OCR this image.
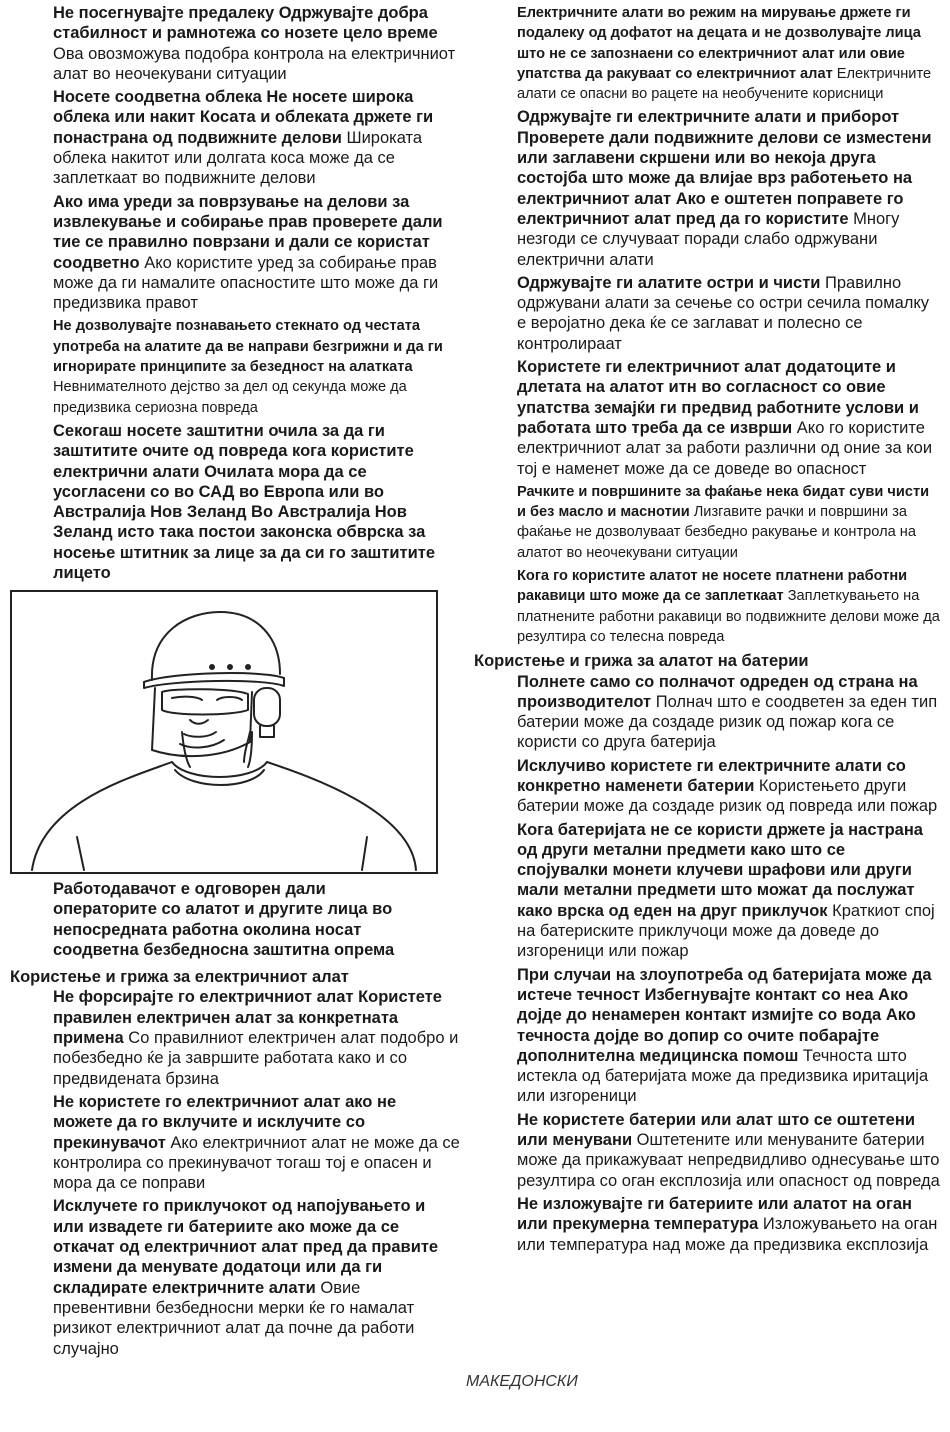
Не посегнувајте предалеку Одржувајте добра стабилност и рамнотежа со нозете цело време Ова овозможува подобра контрола на електричниот алат во неочекувани ситуации

Носете соодветна облека Не носете широка облека или накит Косата и облеката држете ги понастрана од подвижните делови Широката облека накитот или долгата коса може да се заплеткаат во подвижните делови

Ако има уреди за поврзување на делови за извлекување и собирање прав проверете дали тие се правилно поврзани и дали се користат соодветно Ако користите уред за собирање прав може да ги намалите опасностите што може да ги предизвика правот

Не дозволувајте познавањето стекнато од честата употреба на алатите да ве направи безгрижни и да ги игнорирате принципите за безедност на алатката Невнимателното дејство за дел од секунда може да предизвика сериозна повреда

Секогаш носете заштитни очила за да ги заштитите очите од повреда кога користите електрични алати Очилата мора да се усогласени со во САД во Европа или во Австралија Нов Зеланд Во Австралија Нов Зеланд исто така постои законска обврска за носење штитник за лице за да си го заштитите лицето

Работодавачот е одговорен дали операторите со алатот и другите лица во непосредната работна околина носат соодветна безбедносна заштитна опрема

Користење и грижа за електричниот алат

Не форсирајте го електричниот алат Користете правилен електричен алат за конкретната примена Со правилниот електричен алат подобро и побезбедно ќе ја завршите работата како и со предвидената брзина

Не користете го електричниот алат ако не можете да го вклучите и исклучите со прекинувачот Ако електричниот алат не може да се контролира со прекинувачот тогаш тој е опасен и мора да се поправи

Исклучете го приклучокот од напојувањето и или извадете ги батериите ако може да се откачат од електричниот алат пред да правите измени да менувате додатоци или да ги складирате електричните алати Овие превентивни безбедносни мерки ќе го намалат ризикот електричниот алат да почне да работи случајно

Електричните алати во режим на мирување држете ги подалеку од дофатот на децата и не дозволувајте лица што не се запознаени со електричниот алат или овие упатства да ракуваат со електричниот алат Електричните алати се опасни во рацете на необучените корисници

Одржувајте ги електричните алати и приборот Проверете дали подвижните делови се изместени или заглавени скршени или во некоја друга состојба што може да влијае врз работењето на електричниот алат Ако е оштетен поправете го електричниот алат пред да го користите Многу незгоди се случуваат поради слабо одржувани електрични алати

Одржувајте ги алатите остри и чисти Правилно одржувани алати за сечење со остри сечила помалку е веројатно дека ќе се заглават и полесно се контролираат

Користете ги електричниот алат додатоците и длетата на алатот итн во согласност со овие упатства земајќи ги предвид работните услови и работата што треба да се изврши Ако го користите електричниот алат за работи различни од оние за кои тој е наменет може да се доведе во опасност

Рачките и површините за фаќање нека бидат суви чисти и без масло и маснотии Лизгавите рачки и површини за фаќање не дозволуваат безбедно ракување и контрола на алатот во неочекувани ситуации

Кога го користите алатот не носете платнени работни ракавици што може да се заплеткаат Заплеткувањето на платнените работни ракавици во подвижните делови може да резултира со телесна повреда

Користење и грижа за алатот на батерии

Полнете само со полначот одреден од страна на производителот Полнач што е соодветен за еден тип батерии може да создаде ризик од пожар кога се користи со друга батерија

Исклучиво користете ги електричните алати со конкретно наменети батерии Користењето други батерии може да создаде ризик од повреда или пожар

Кога батеријата не се користи држете ја настрана од други метални предмети како што се спојувалки монети клучеви шрафови или други мали метални предмети што можат да послужат како врска од еден на друг приклучок Краткиот спој на батериските приклучоци може да доведе до изгореници или пожар

При случаи на злоупотреба од батеријата може да истече течност Избегнувајте контакт со неа Ако дојде до ненамерен контакт измијте со вода Ако течноста дојде во допир со очите побарајте дополнителна медицинска помош Течноста што истекла од батеријата може да предизвика иритација или изгореници

Не користете батерии или алат што се оштетени или менувани Оштетените или менуваните батерии може да прикажуваат непредвидливо однесување што резултира со оган експлозија или опасност од повреда

Не изложувајте ги батериите или алатот на оган или прекумерна температура Изложувањето на оган или температура над може да предизвика експлозија

МАКЕДОНСКИ
